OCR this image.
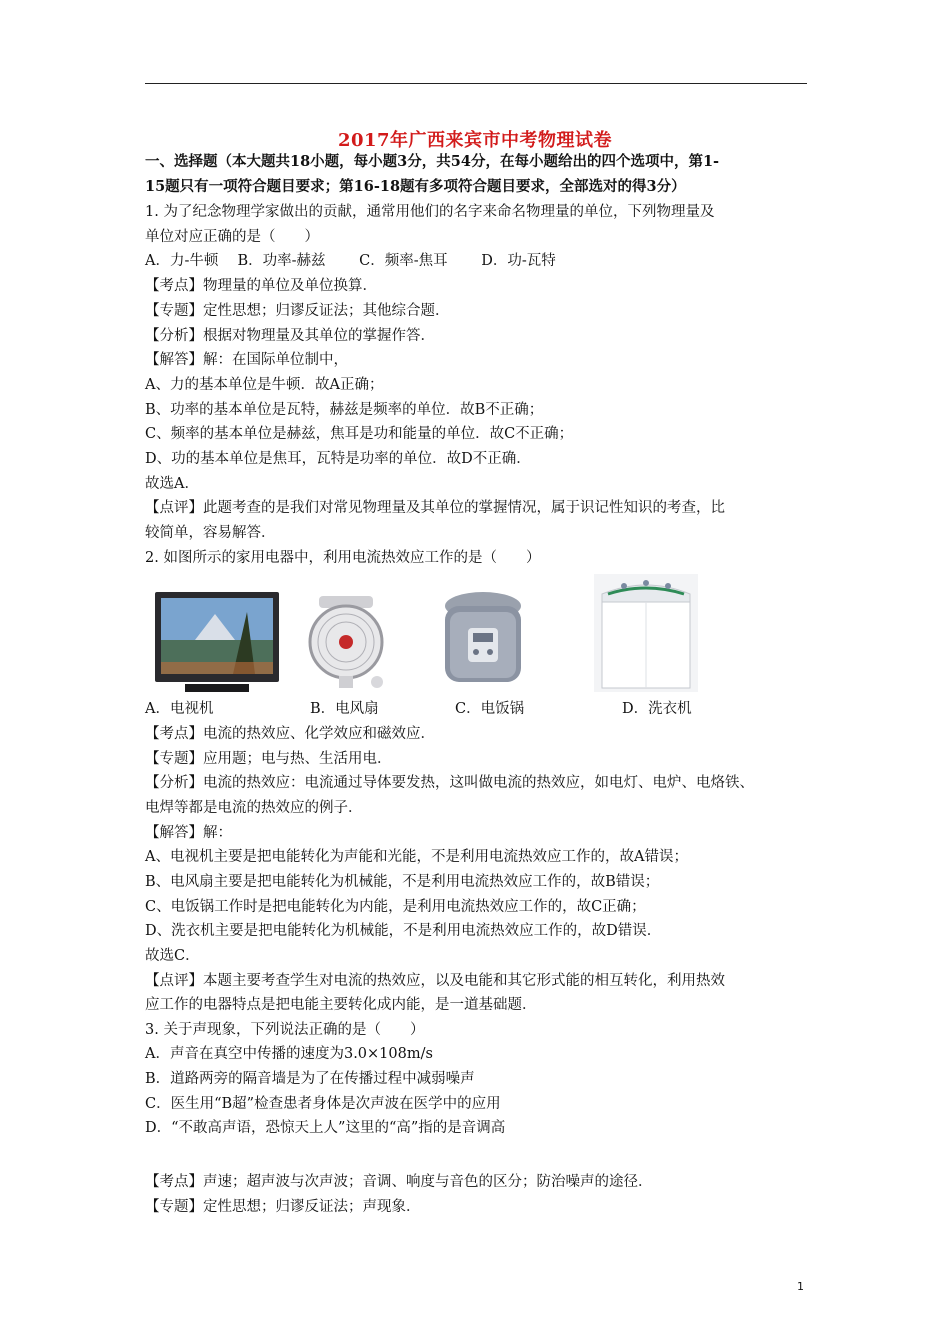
2017年广西来宾市中考物理试卷
一、选择题（本大题共18小题，每小题3分，共54分，在每小题给出的四个选项中，第1-
15题只有一项符合题目要求；第16-18题有多项符合题目要求，全部选对的得3分）
1. 为了纪念物理学家做出的贡献，通常用他们的名字来命名物理量的单位，下列物理量及
单位对应正确的是（　　）
A．力-牛顿　 B．功率-赫兹　　 C．频率-焦耳　　 D．功-瓦特
【考点】物理量的单位及单位换算．
【专题】定性思想；归谬反证法；其他综合题．
【分析】根据对物理量及其单位的掌握作答．
【解答】解：在国际单位制中，
A、力的基本单位是牛顿．故A正确；
B、功率的基本单位是瓦特，赫兹是频率的单位．故B不正确；
C、频率的基本单位是赫兹，焦耳是功和能量的单位．故C不正确；
D、功的基本单位是焦耳，瓦特是功率的单位．故D不正确．
故选A．
【点评】此题考查的是我们对常见物理量及其单位的掌握情况，属于识记性知识的考查，比
较简单，容易解答．
2. 如图所示的家用电器中，利用电流热效应工作的是（　　）
A．电视机	B．电风扇	C．电饭锅	D．洗衣机
【考点】电流的热效应、化学效应和磁效应．
【专题】应用题；电与热、生活用电．
【分析】电流的热效应：电流通过导体要发热，这叫做电流的热效应，如电灯、电炉、电烙铁、
电焊等都是电流的热效应的例子．
【解答】解：
A、电视机主要是把电能转化为声能和光能，不是利用电流热效应工作的，故A错误；
B、电风扇主要是把电能转化为机械能，不是利用电流热效应工作的，故B错误；
C、电饭锅工作时是把电能转化为内能，是利用电流热效应工作的，故C正确；
D、洗衣机主要是把电能转化为机械能，不是利用电流热效应工作的，故D错误．
故选C．
【点评】本题主要考查学生对电流的热效应，以及电能和其它形式能的相互转化，利用热效
应工作的电器特点是把电能主要转化成内能，是一道基础题．
3. 关于声现象，下列说法正确的是（　　）
A．声音在真空中传播的速度为3.0×108m/s
B．道路两旁的隔音墙是为了在传播过程中减弱噪声
C．医生用“B超”检查患者身体是次声波在医学中的应用
D．“不敢高声语，恐惊天上人”这里的“高”指的是音调高
【考点】声速；超声波与次声波；音调、响度与音色的区分；防治噪声的途径．
【专题】定性思想；归谬反证法；声现象．
1
